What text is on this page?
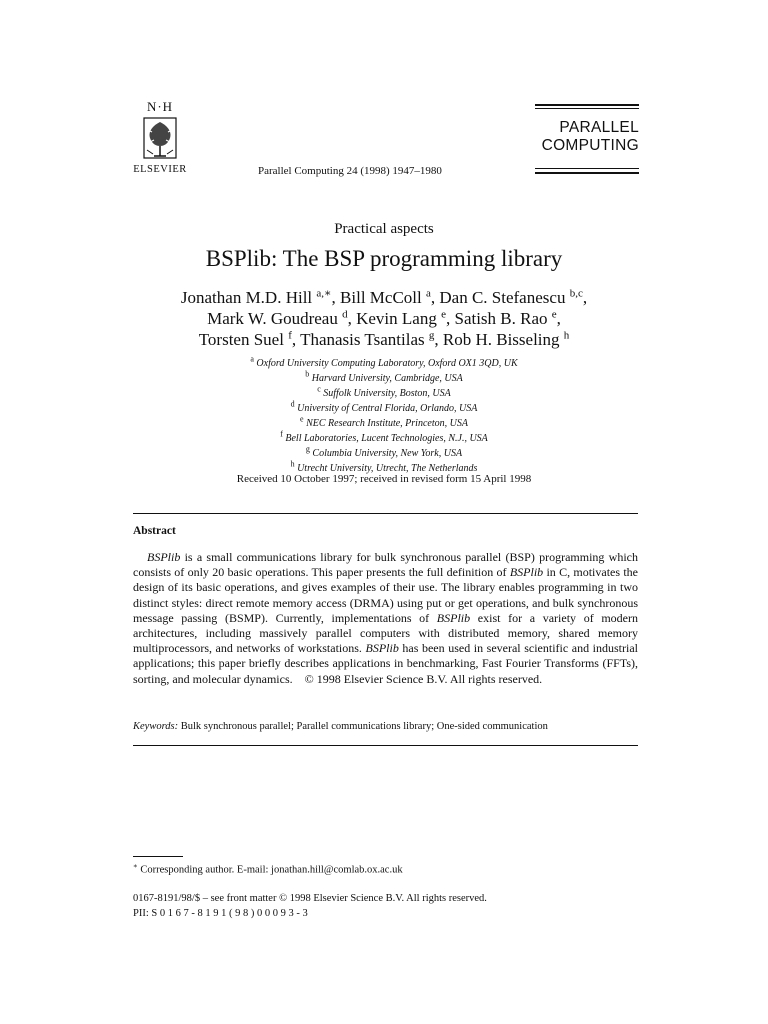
N·H
ELSEVIER
PARALLEL
COMPUTING
Parallel Computing 24 (1998) 1947–1980
Practical aspects
BSPlib: The BSP programming library
Jonathan M.D. Hill $^{a,∗}$, Bill McColl $^a$, Dan C. Stefanescu $^{b,c}$,
Mark W. Goudreau $^d$, Kevin Lang $^e$, Satish B. Rao $^e$,
Torsten Suel $^f$, Thanasis Tsantilas $^g$, Rob H. Bisseling $^h$
$^a$ Oxford University Computing Laboratory, Oxford OX1 3QD, UK
$^b$ Harvard University, Cambridge, USA
$^c$ Suffolk University, Boston, USA
$^d$ University of Central Florida, Orlando, USA
$^e$ NEC Research Institute, Princeton, USA
$^f$ Bell Laboratories, Lucent Technologies, N.J., USA
$^g$ Columbia University, New York, USA
$^h$ Utrecht University, Utrecht, The Netherlands
Received 10 October 1997; received in revised form 15 April 1998
Abstract
BSPlib is a small communications library for bulk synchronous parallel (BSP) programming which consists of only 20 basic operations. This paper presents the full definition of BSPlib in C, motivates the design of its basic operations, and gives examples of their use. The library enables programming in two distinct styles: direct remote memory access (DRMA) using put or get operations, and bulk synchronous message passing (BSMP). Currently, implementations of BSPlib exist for a variety of modern architectures, including massively parallel computers with distributed memory, shared memory multiprocessors, and networks of workstations. BSPlib has been used in several scientific and industrial applications; this paper briefly describes applications in benchmarking, Fast Fourier Transforms (FFTs), sorting, and molecular dynamics. © 1998 Elsevier Science B.V. All rights reserved.
Keywords: Bulk synchronous parallel; Parallel communications library; One-sided communication
∗ Corresponding author. E-mail: jonathan.hill@comlab.ox.ac.uk
0167-8191/98/$ – see front matter © 1998 Elsevier Science B.V. All rights reserved.
PII: S 0 1 6 7 - 8 1 9 1 ( 9 8 ) 0 0 0 9 3 - 3
